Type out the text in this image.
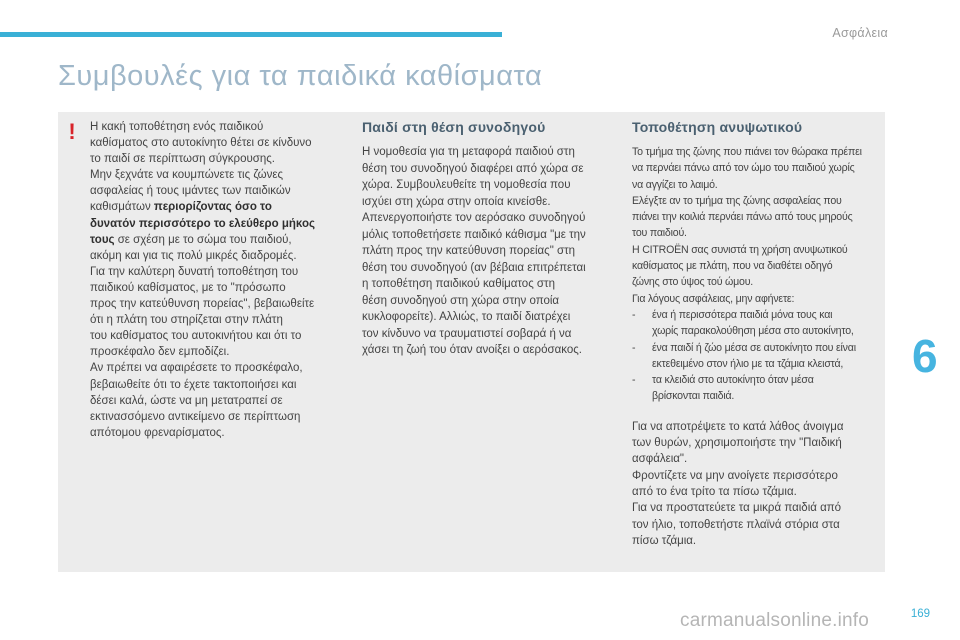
Ασφάλεια
Συμβουλές για τα παιδικά καθίσματα
! Η κακή τοποθέτηση ενός παιδικού
καθίσματος στο αυτοκίνητο θέτει σε κίνδυνο
το παιδί σε περίπτωση σύγκρουσης.
Μην ξεχνάτε να κουμπώνετε τις ζώνες
ασφαλείας ή τους ιμάντες των παιδικών
καθισμάτων περιορίζοντας όσο το
δυνατόν περισσότερο το ελεύθερο μήκος
τους σε σχέση με το σώμα του παιδιού,
ακόμη και για τις πολύ μικρές διαδρομές.
Για την καλύτερη δυνατή τοποθέτηση του
παιδικού καθίσματος, με το "πρόσωπο
προς την κατεύθυνση πορείας", βεβαιωθείτε
ότι η πλάτη του στηρίζεται στην πλάτη
του καθίσματος του αυτοκινήτου και ότι το
προσκέφαλο δεν εμποδίζει.
Αν πρέπει να αφαιρέσετε το προσκέφαλο,
βεβαιωθείτε ότι το έχετε τακτοποιήσει και
δέσει καλά, ώστε να μη μετατραπεί σε
εκτινασσόμενο αντικείμενο σε περίπτωση
απότομου φρεναρίσματος.
Παιδί στη θέση συνοδηγού
Η νομοθεσία για τη μεταφορά παιδιού στη
θέση του συνοδηγού διαφέρει από χώρα σε
χώρα. Συμβουλευθείτε τη νομοθεσία που
ισχύει στη χώρα στην οποία κινείσθε.
Απενεργοποιήστε τον αερόσακο συνοδηγού
μόλις τοποθετήσετε παιδικό κάθισμα "με την
πλάτη προς την κατεύθυνση πορείας" στη
θέση του συνοδηγού (αν βέβαια επιτρέπεται
η τοποθέτηση παιδικού καθίματος στη
θέση συνοδηγού στη χώρα στην οποία
κυκλοφορείτε). Αλλιώς, το παιδί διατρέχει
τον κίνδυνο να τραυματιστεί σοβαρά ή να
χάσει τη ζωή του όταν ανοίξει ο αερόσακος.
Τοποθέτηση ανυψωτικού
Το τμήμα της ζώνης που πιάνει τον θώρακα πρέπει
να περνάει πάνω από τον ώμο του παιδιού χωρίς
να αγγίζει το λαιμό.
Ελέγξτε αν το τμήμα της ζώνης ασφαλείας που
πιάνει την κοιλιά περνάει πάνω από τους μηρούς
του παιδιού.
Η CITROËN σας συνιστά τη χρήση ανυψωτικού
καθίσματος με πλάτη, που να διαθέτει οδηγό
ζώνης στο ύψος τού ώμου.
Για λόγους ασφάλειας, μην αφήνετε:
-	ένα ή περισσότερα παιδιά μόνα τους και
χωρίς παρακολούθηση μέσα στο αυτοκίνητο,
-	ένα παιδί ή ζώο μέσα σε αυτοκίνητο που είναι
εκτεθειμένο στον ήλιο με τα τζάμια κλειστά,
-	τα κλειδιά στο αυτοκίνητο όταν μέσα
βρίσκονται παιδιά.
Για να αποτρέψετε το κατά λάθος άνοιγμα
των θυρών, χρησιμοποιήστε την "Παιδική
ασφάλεια".
Φροντίζετε να μην ανοίγετε περισσότερο
από το ένα τρίτο τα πίσω τζάμια.
Για να προστατεύετε τα μικρά παιδιά από
τον ήλιο, τοποθετήστε πλαϊνά στόρια στα
πίσω τζάμια.
6
carmanualsonline.info	169
